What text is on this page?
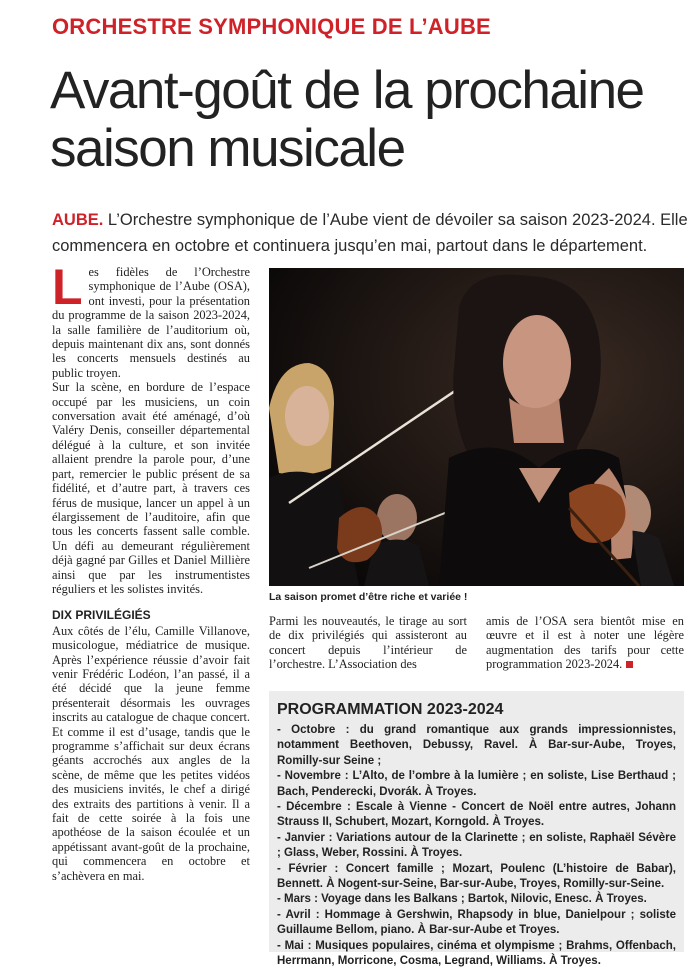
ORCHESTRE SYMPHONIQUE DE L’AUBE
Avant-goût de la prochaine saison musicale
AUBE. L’Orchestre symphonique de l’Aube vient de dévoiler sa saison 2023-2024. Elle commencera en octobre et continuera jusqu’en mai, partout dans le département.

Les fidèles de l’Orchestre symphonique de l’Aube (OSA), ont investi, pour la présentation du programme de la saison 2023-2024, la salle familière de l’auditorium où, depuis maintenant dix ans, sont donnés les concerts mensuels destinés au public troyen.

Sur la scène, en bordure de l’espace occupé par les musiciens, un coin conversation avait été aménagé, d’où Valéry Denis, conseiller départemental délégué à la culture, et son invitée allaient prendre la parole pour, d’une part, remercier le public présent de sa fidélité, et d’autre part, à travers ces férus de musique, lancer un appel à un élargissement de l’auditoire, afin que tous les concerts fassent salle comble. Un défi au demeurant régulièrement déjà gagné par Gilles et Daniel Millière ainsi que par les instrumentistes réguliers et les solistes invités.

DIX PRIVILÉGIÉS

Aux côtés de l’élu, Camille Villanove, musicologue, médiatrice de musique. Après l’expérience réussie d’avoir fait venir Frédéric Lodéon, l’an passé, il a été décidé que la jeune femme présenterait désormais les ouvrages inscrits au catalogue de chaque concert. Et comme il est d’usage, tandis que le programme s’affichait sur deux écrans géants accrochés aux angles de la scène, de même que les petites vidéos des musiciens invités, le chef a dirigé des extraits des partitions à venir. Il a fait de cette soirée à la fois une apothéose de la saison écoulée et un appétissant avant-goût de la prochaine, qui commencera en octobre et s’achèvera en mai.

La saison promet d’être riche et variée !

Parmi les nouveautés, le tirage au sort de dix privilégiés qui assisteront au concert depuis l’intérieur de l’orchestre. L’Association des

amis de l’OSA sera bientôt mise en œuvre et il est à noter une légère augmentation des tarifs pour cette programmation 2023-2024.

PROGRAMMATION 2023-2024
- Octobre : du grand romantique aux grands impressionnistes, notamment Beethoven, Debussy, Ravel. À Bar-sur-Aube, Troyes, Romilly-sur Seine ;
- Novembre : L’Alto, de l’ombre à la lumière ; en soliste, Lise Berthaud ; Bach, Penderecki, Dvorák. À Troyes.
- Décembre : Escale à Vienne - Concert de Noël entre autres, Johann Strauss II, Schubert, Mozart, Korngold. À Troyes.
- Janvier : Variations autour de la Clarinette ; en soliste, Raphaël Sévère ; Glass, Weber, Rossini. À Troyes.
- Février : Concert famille ; Mozart, Poulenc (L’histoire de Babar), Bennett. À Nogent-sur-Seine, Bar-sur-Aube, Troyes, Romilly-sur-Seine.
- Mars : Voyage dans les Balkans ; Bartok, Nilovic, Enesc. À Troyes.
- Avril : Hommage à Gershwin, Rhapsody in blue, Danielpour ; soliste Guillaume Bellom, piano. À Bar-sur-Aube et Troyes.
- Mai : Musiques populaires, cinéma et olympisme ; Brahms, Offenbach, Herrmann, Morricone, Cosma, Legrand, Williams. À Troyes.
